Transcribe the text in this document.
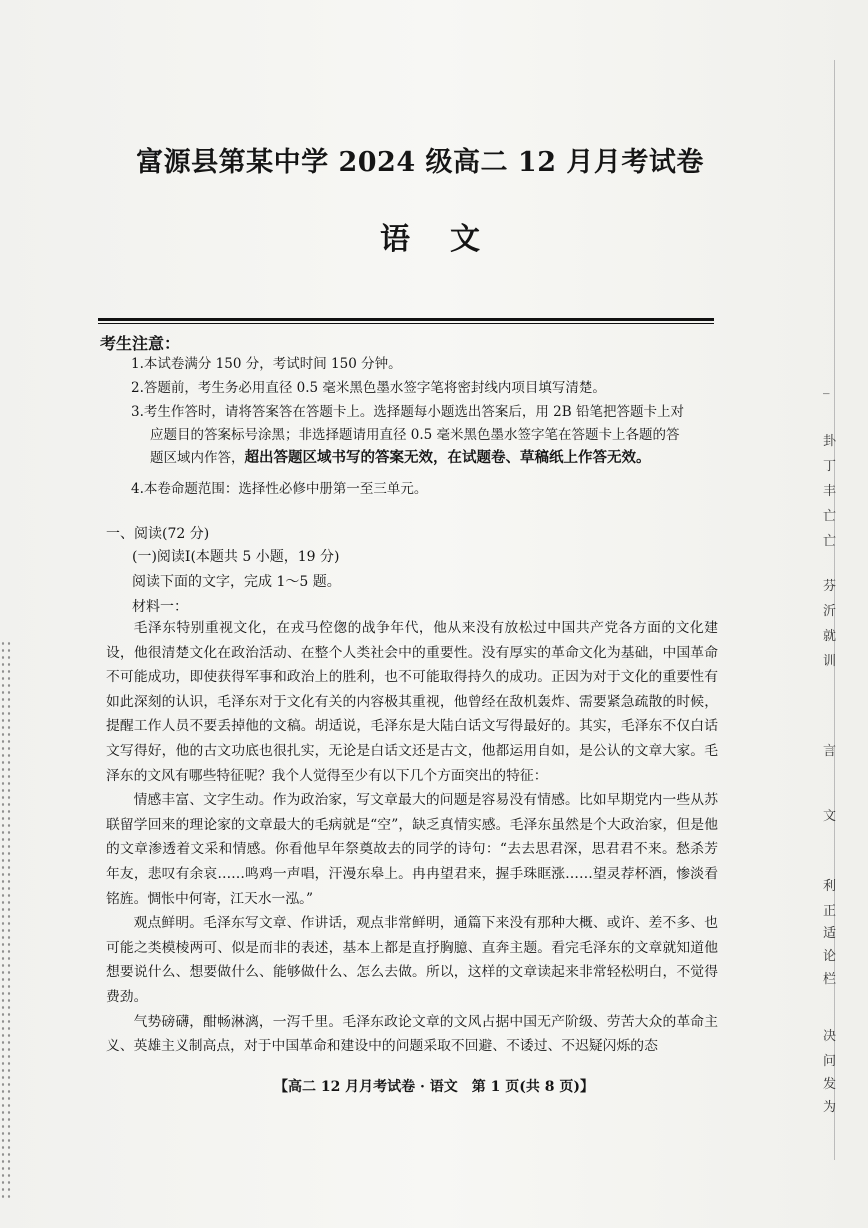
富源县第某中学 2024 级高二 12 月月考试卷
语文
考生注意：
1.本试卷满分 150 分，考试时间 150 分钟。
2.答题前，考生务必用直径 0.5 毫米黑色墨水签字笔将密封线内项目填写清楚。
3.考生作答时，请将答案答在答题卡上。选择题每小题选出答案后，用 2B 铅笔把答题卡上对
应题目的答案标号涂黑；非选择题请用直径 0.5 毫米黑色墨水签字笔在答题卡上各题的答
题区域内作答，超出答题区域书写的答案无效，在试题卷、草稿纸上作答无效。
4.本卷命题范围：选择性必修中册第一至三单元。
一、阅读(72 分)
(一)阅读Ⅰ(本题共 5 小题，19 分)
阅读下面的文字，完成 1～5 题。
材料一：

毛泽东特别重视文化，在戎马倥偬的战争年代，他从来没有放松过中国共产党各方面的文化建设，他很清楚文化在政治活动、在整个人类社会中的重要性。没有厚实的革命文化为基础，中国革命不可能成功，即使获得军事和政治上的胜利，也不可能取得持久的成功。正因为对于文化的重要性有如此深刻的认识，毛泽东对于文化有关的内容极其重视，他曾经在敌机轰炸、需要紧急疏散的时候，提醒工作人员不要丢掉他的文稿。胡适说，毛泽东是大陆白话文写得最好的。其实，毛泽东不仅白话文写得好，他的古文功底也很扎实，无论是白话文还是古文，他都运用自如，是公认的文章大家。毛泽东的文风有哪些特征呢？我个人觉得至少有以下几个方面突出的特征：

情感丰富、文字生动。作为政治家，写文章最大的问题是容易没有情感。比如早期党内一些从苏联留学回来的理论家的文章最大的毛病就是“空”，缺乏真情实感。毛泽东虽然是个大政治家，但是他的文章渗透着文采和情感。你看他早年祭奠故去的同学的诗句：“去去思君深，思君君不来。愁杀芳年友，悲叹有余哀……鸣鸡一声唱，汗漫东皋上。冉冉望君来，握手珠眶涨……望灵荐杯酒，惨淡看铭旌。惆怅中何寄，江天水一泓。”

观点鲜明。毛泽东写文章、作讲话，观点非常鲜明，通篇下来没有那种大概、或许、差不多、也可能之类模棱两可、似是而非的表述，基本上都是直抒胸臆、直奔主题。看完毛泽东的文章就知道他想要说什么、想要做什么、能够做什么、怎么去做。所以，这样的文章读起来非常轻松明白，不觉得费劲。

气势磅礴，酣畅淋漓，一泻千里。毛泽东政论文章的文风占据中国无产阶级、劳苦大众的革命主义、英雄主义制高点，对于中国革命和建设中的问题采取不回避、不诿过、不迟疑闪烁的态

【高二 12 月月考试卷 · 语文　第 1 页(共 8 页)】
_
卦
丁
丰
亡
亡
芬
沂
就
训
言
文
利
正
适
论
栏
决
问
发
为
